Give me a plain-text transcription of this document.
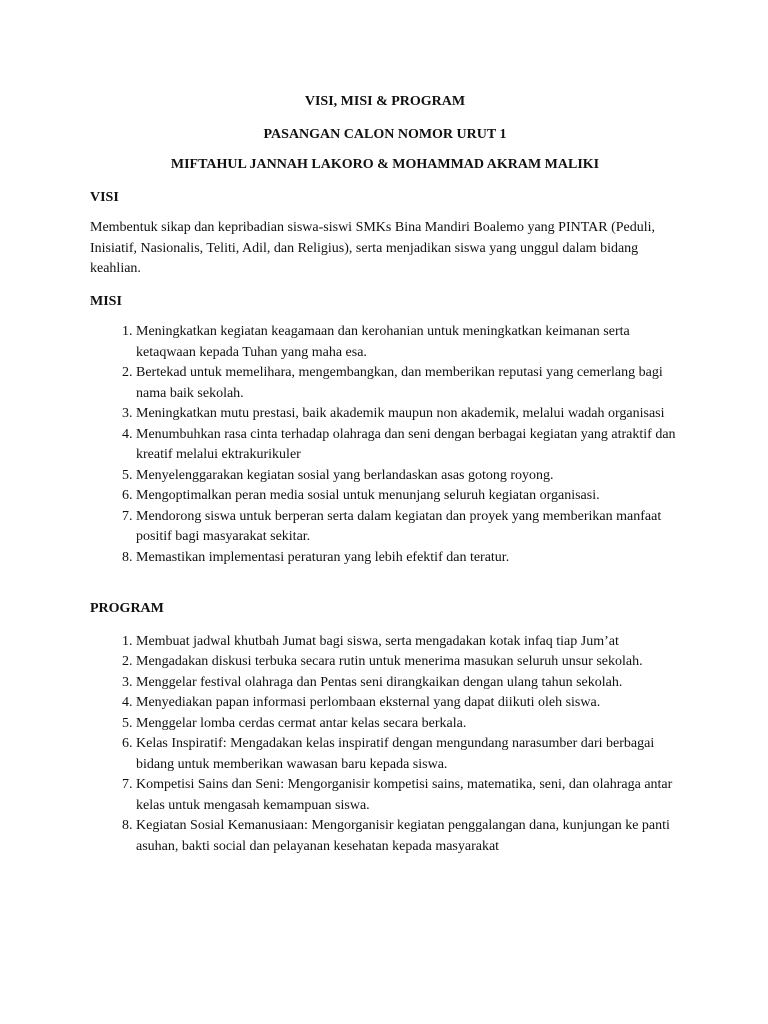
VISI, MISI & PROGRAM

PASANGAN CALON NOMOR URUT 1

MIFTAHUL JANNAH LAKORO & MOHAMMAD AKRAM MALIKI

VISI

Membentuk sikap dan kepribadian siswa-siswi SMKs Bina Mandiri Boalemo yang PINTAR (Peduli, Inisiatif, Nasionalis, Teliti, Adil, dan Religius), serta menjadikan siswa yang unggul dalam bidang keahlian.

MISI
1. Meningkatkan kegiatan keagamaan dan kerohanian untuk meningkatkan keimanan serta ketaqwaan kepada Tuhan yang maha esa.
2. Bertekad untuk memelihara, mengembangkan, dan memberikan reputasi yang cemerlang bagi nama baik sekolah.
3. Meningkatkan mutu prestasi, baik akademik maupun non akademik, melalui wadah organisasi
4. Menumbuhkan rasa cinta terhadap olahraga dan seni dengan berbagai kegiatan yang atraktif dan kreatif melalui ektrakurikuler
5. Menyelenggarakan kegiatan sosial yang berlandaskan asas gotong royong.
6. Mengoptimalkan peran media sosial untuk menunjang seluruh kegiatan organisasi.
7. Mendorong siswa untuk berperan serta dalam kegiatan dan proyek yang memberikan manfaat positif bagi masyarakat sekitar.
8. Memastikan implementasi peraturan yang lebih efektif dan teratur.
PROGRAM
1. Membuat jadwal khutbah Jumat bagi siswa, serta mengadakan kotak infaq tiap Jum’at
2. Mengadakan diskusi terbuka secara rutin untuk menerima masukan seluruh unsur sekolah.
3. Menggelar festival olahraga dan Pentas seni dirangkaikan dengan ulang tahun sekolah.
4. Menyediakan papan informasi perlombaan eksternal yang dapat diikuti oleh siswa.
5. Menggelar lomba cerdas cermat antar kelas secara berkala.
6. Kelas Inspiratif: Mengadakan kelas inspiratif dengan mengundang narasumber dari berbagai bidang untuk memberikan wawasan baru kepada siswa.
7. Kompetisi Sains dan Seni: Mengorganisir kompetisi sains, matematika, seni, dan olahraga antar kelas untuk mengasah kemampuan siswa.
8. Kegiatan Sosial Kemanusiaan: Mengorganisir kegiatan penggalangan dana, kunjungan ke panti asuhan, bakti social dan pelayanan kesehatan kepada masyarakat
